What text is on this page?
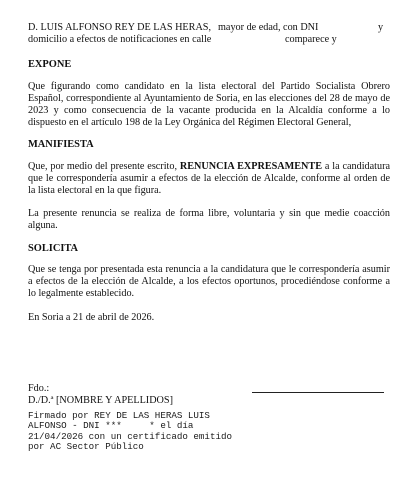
D. LUIS ALFONSO REY DE LAS HERAS, mayor de edad, con DNI	y
domicilio a efectos de notificaciones en calle	comparece y

EXPONE

Que figurando como candidato en la lista electoral del Partido Socialista Obrero Español, correspondiente al Ayuntamiento de Soria, en las elecciones del 28 de mayo de 2023 y como consecuencia de la vacante producida en la Alcaldía conforme a lo dispuesto en el artículo 198 de la Ley Orgánica del Régimen Electoral General,

MANIFIESTA

Que, por medio del presente escrito, RENUNCIA EXPRESAMENTE a la candidatura que le correspondería asumir a efectos de la elección de Alcalde, conforme al orden de la lista electoral en la que figura.

La presente renuncia se realiza de forma libre, voluntaria y sin que medie coacción alguna.

SOLICITA

Que se tenga por presentada esta renuncia a la candidatura que le correspondería asumir a efectos de la elección de Alcalde, a los efectos oportunos, procediéndose conforme a lo legalmente establecido.

En Soria a 21 de abril de 2026.

Fdo.:

D./D.ª [NOMBRE Y APELLIDOS]

Firmado por REY DE LAS HERAS LUIS
ALFONSO - DNI ***     * el día
21/04/2026 con un certificado emitido
por AC Sector Público
